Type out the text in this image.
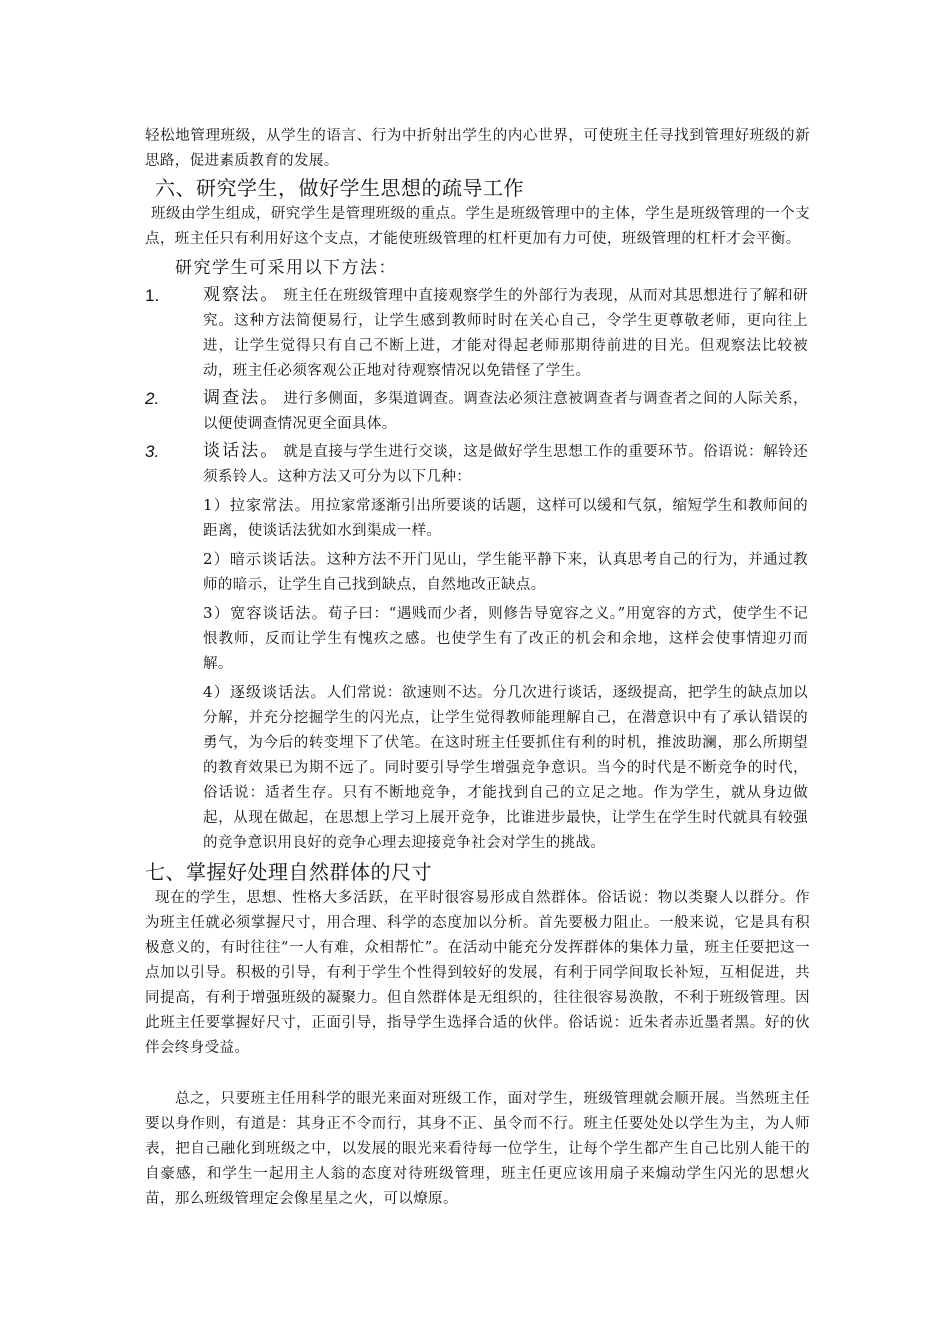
轻松地管理班级，从学生的语言、行为中折射出学生的内心世界，可使班主任寻找到管理好班级的新思路，促进素质教育的发展。

六、研究学生，做好学生思想的疏导工作

班级由学生组成，研究学生是管理班级的重点。学生是班级管理中的主体，学生是班级管理的一个支点，班主任只有利用好这个支点，才能使班级管理的杠杆更加有力可使，班级管理的杠杆才会平衡。

研究学生可采用以下方法：
1.	观察法。 班主任在班级管理中直接观察学生的外部行为表现，从而对其思想进行了解和研究。这种方法简便易行，让学生感到教师时时在关心自己，令学生更尊敬老师，更向往上进，让学生觉得只有自己不断上进，才能对得起老师那期待前进的目光。但观察法比较被动，班主任必须客观公正地对待观察情况以免错怪了学生。
2.	调查法。 进行多侧面，多渠道调查。调查法必须注意被调查者与调查者之间的人际关系，以便使调查情况更全面具体。
3.	谈话法。 就是直接与学生进行交谈，这是做好学生思想工作的重要环节。俗语说：解铃还须系铃人。这种方法又可分为以下几种：
1）拉家常法。用拉家常逐渐引出所要谈的话题，这样可以缓和气氛，缩短学生和教师间的距离，使谈话法犹如水到渠成一样。
2）暗示谈话法。这种方法不开门见山，学生能平静下来，认真思考自己的行为，并通过教师的暗示，让学生自己找到缺点，自然地改正缺点。
3）宽容谈话法。荀子曰：“遇贱而少者，则修告导宽容之义。”用宽容的方式，使学生不记恨教师，反而让学生有愧疚之感。也使学生有了改正的机会和余地，这样会使事情迎刃而解。
4）逐级谈话法。人们常说：欲速则不达。分几次进行谈话，逐级提高，把学生的缺点加以分解，并充分挖掘学生的闪光点，让学生觉得教师能理解自己，在潜意识中有了承认错误的勇气，为今后的转变埋下了伏笔。在这时班主任要抓住有利的时机，推波助澜，那么所期望的教育效果已为期不远了。同时要引导学生增强竞争意识。当今的时代是不断竞争的时代，俗话说：适者生存。只有不断地竞争，才能找到自己的立足之地。作为学生，就从身边做起，从现在做起，在思想上学习上展开竞争，比谁进步最快，让学生在学生时代就具有较强的竞争意识用良好的竞争心理去迎接竞争社会对学生的挑战。
七、掌握好处理自然群体的尺寸

现在的学生，思想、性格大多活跃，在平时很容易形成自然群体。俗话说：物以类聚人以群分。作为班主任就必须掌握尺寸，用合理、科学的态度加以分析。首先要极力阻止。一般来说，它是具有积极意义的，有时往往“一人有难，众相帮忙”。在活动中能充分发挥群体的集体力量，班主任要把这一点加以引导。积极的引导，有利于学生个性得到较好的发展，有利于同学间取长补短，互相促进，共同提高，有利于增强班级的凝聚力。但自然群体是无组织的，往往很容易涣散，不利于班级管理。因此班主任要掌握好尺寸，正面引导，指导学生选择合适的伙伴。俗话说：近朱者赤近墨者黑。好的伙伴会终身受益。

总之，只要班主任用科学的眼光来面对班级工作，面对学生，班级管理就会顺开展。当然班主任要以身作则，有道是：其身正不令而行，其身不正、虽令而不行。班主任要处处以学生为主，为人师表，把自己融化到班级之中，以发展的眼光来看待每一位学生，让每个学生都产生自己比别人能干的自豪感，和学生一起用主人翁的态度对待班级管理，班主任更应该用扇子来煽动学生闪光的思想火苗，那么班级管理定会像星星之火，可以燎原。
